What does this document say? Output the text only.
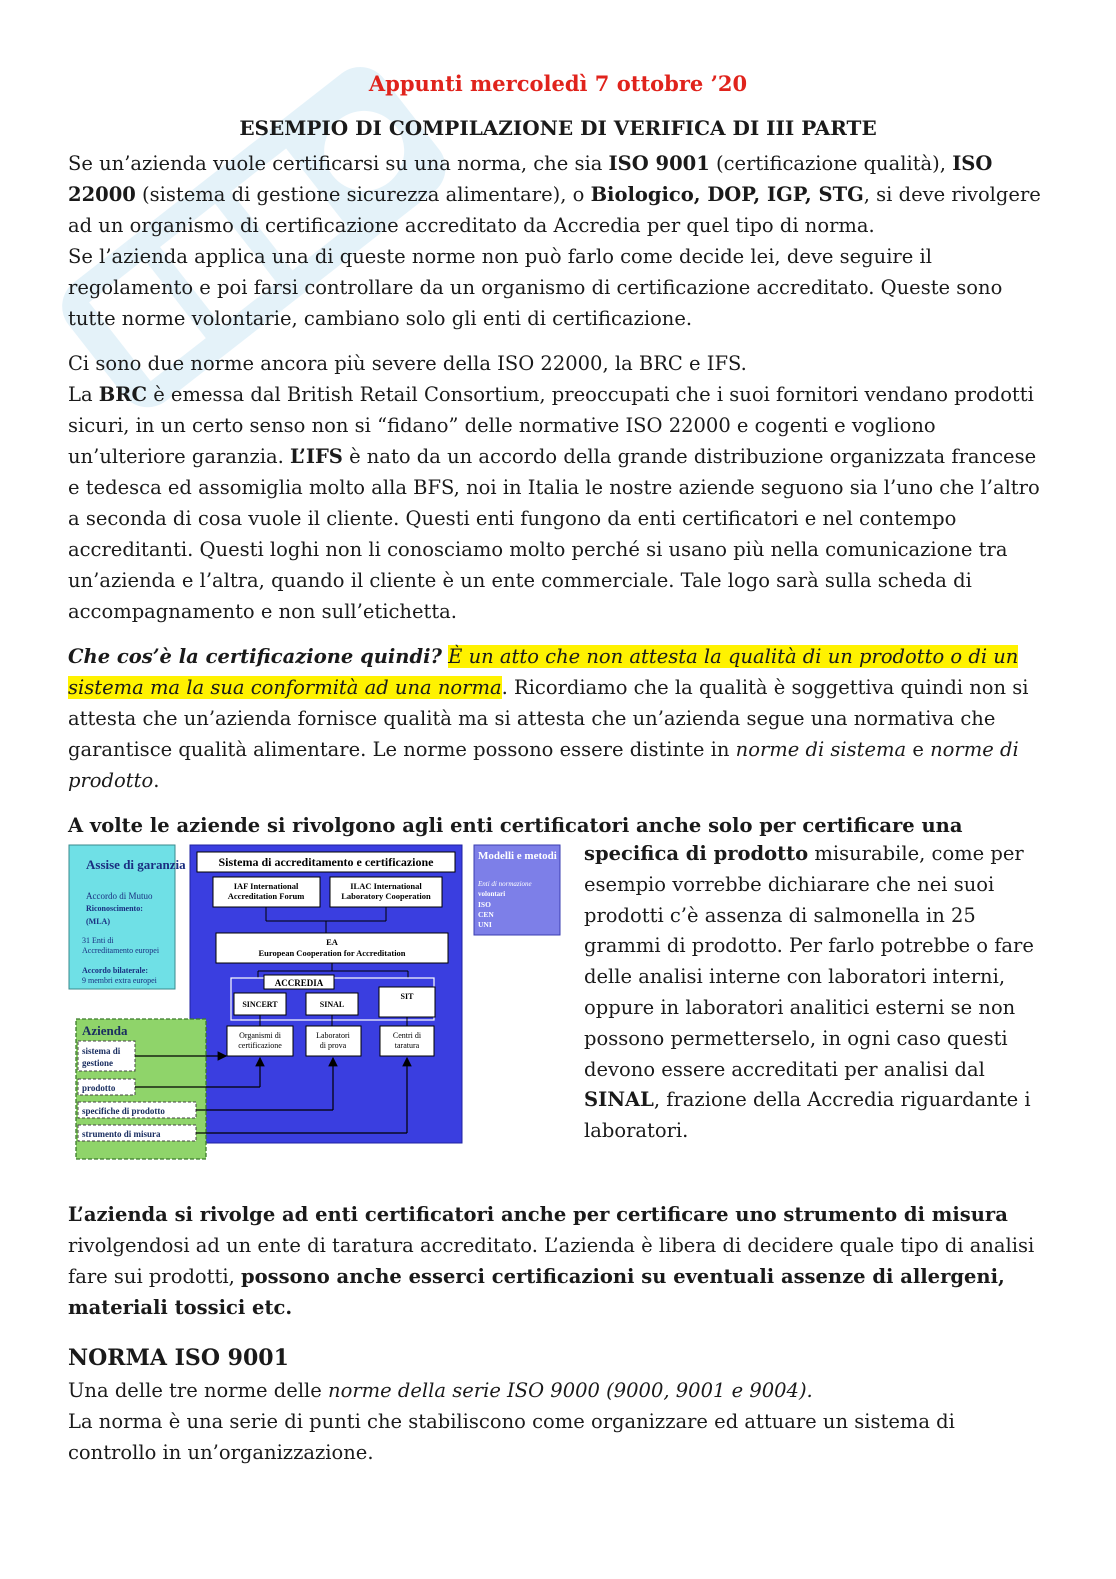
Appunti mercoledì 7 ottobre ’20
ESEMPIO DI COMPILAZIONE DI VERIFICA DI III PARTE

Se un’azienda vuole certificarsi su una norma, che sia ISO 9001 (certificazione qualità), ISO 22000 (sistema di gestione sicurezza alimentare), o Biologico, DOP, IGP, STG, si deve rivolgere ad un organismo di certificazione accreditato da Accredia per quel tipo di norma.
Se l’azienda applica una di queste norme non può farlo come decide lei, deve seguire il regolamento e poi farsi controllare da un organismo di certificazione accreditato. Queste sono tutte norme volontarie, cambiano solo gli enti di certificazione.

Ci sono due norme ancora più severe della ISO 22000, la BRC e IFS.
La BRC è emessa dal British Retail Consortium, preoccupati che i suoi fornitori vendano prodotti sicuri, in un certo senso non si “fidano” delle normative ISO 22000 e cogenti e vogliono un’ulteriore garanzia. L’IFS è nato da un accordo della grande distribuzione organizzata francese e tedesca ed assomiglia molto alla BFS, noi in Italia le nostre aziende seguono sia l’uno che l’altro a seconda di cosa vuole il cliente. Questi enti fungono da enti certificatori e nel contempo accreditanti. Questi loghi non li conosciamo molto perché si usano più nella comunicazione tra un’azienda e l’altra, quando il cliente è un ente commerciale. Tale logo sarà sulla scheda di accompagnamento e non sull’etichetta.

Che cos’è la certificazione quindi? È un atto che non attesta la qualità di un prodotto o di un sistema ma la sua conformità ad una norma. Ricordiamo che la qualità è soggettiva quindi non si attesta che un’azienda fornisce qualità ma si attesta che un’azienda segue una normativa che garantisce qualità alimentare. Le norme possono essere distinte in norme di sistema e norme di prodotto.

A volte le aziende si rivolgono agli enti certificatori anche solo per certificare una

Assise di garanzia
Accordo di Mutuo
Riconoscimento:
(MLA)
31 Enti di
Accreditamento europei
Accordo bilaterale:
9 membri extra europei
Sistema di accreditamento e certificazione
IAF International
Accreditation Forum
ILAC International
Laboratory Cooperation
EA
European Cooperation for Accreditation
ACCREDIA
SINCERT	SINAL
SIT
Organismi di
certificazione
Laboratori
di prova
Centri di
taratura
Modelli e metodi
Enti di normazione
volontari
ISO
CEN
UNI
Azienda
sistema di
gestione
prodotto
specifiche di prodotto
strumento di misura
specifica di prodotto misurabile, come per esempio vorrebbe dichiarare che nei suoi prodotti c’è assenza di salmonella in 25 grammi di prodotto. Per farlo potrebbe o fare delle analisi interne con laboratori interni, oppure in laboratori analitici esterni se non possono permetterselo, in ogni caso questi devono essere accreditati per analisi dal SINAL, frazione della Accredia riguardante i laboratori.

L’azienda si rivolge ad enti certificatori anche per certificare uno strumento di misura rivolgendosi ad un ente di taratura accreditato. L’azienda è libera di decidere quale tipo di analisi fare sui prodotti, possono anche esserci certificazioni su eventuali assenze di allergeni, materiali tossici etc.

NORMA ISO 9001

Una delle tre norme delle norme della serie ISO 9000 (9000, 9001 e 9004).
La norma è una serie di punti che stabiliscono come organizzare ed attuare un sistema di controllo in un’organizzazione.
